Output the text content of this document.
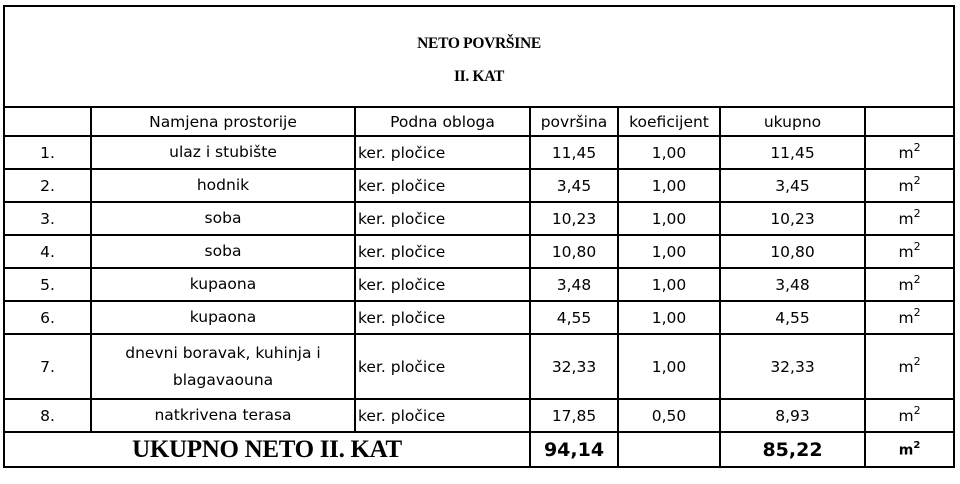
NETO POVRŠINE
II. KAT						

	Namjena prostorije	Podna obloga	površina	koeficijent	ukupno	
1.	ulaz i stubište	ker. pločice	11,45	1,00	11,45	$m^2$
2.	hodnik	ker. pločice	3,45	1,00	3,45	$m^2$
3.	soba	ker. pločice	10,23	1,00	10,23	$m^2$
4.	soba	ker. pločice	10,80	1,00	10,80	$m^2$
5.	kupaona	ker. pločice	3,48	1,00	3,48	$m^2$
6.	kupaona	ker. pločice	4,55	1,00	4,55	$m^2$
7.	dnevni boravak, kuhinja i blagavaouna	ker. pločice	32,33	1,00	32,33	$m^2$
8.	natkrivena terasa	ker. pločice	17,85	0,50	8,93	$m^2$
UKUPNO NETO II. KAT			94,14		85,22	$m^2$
